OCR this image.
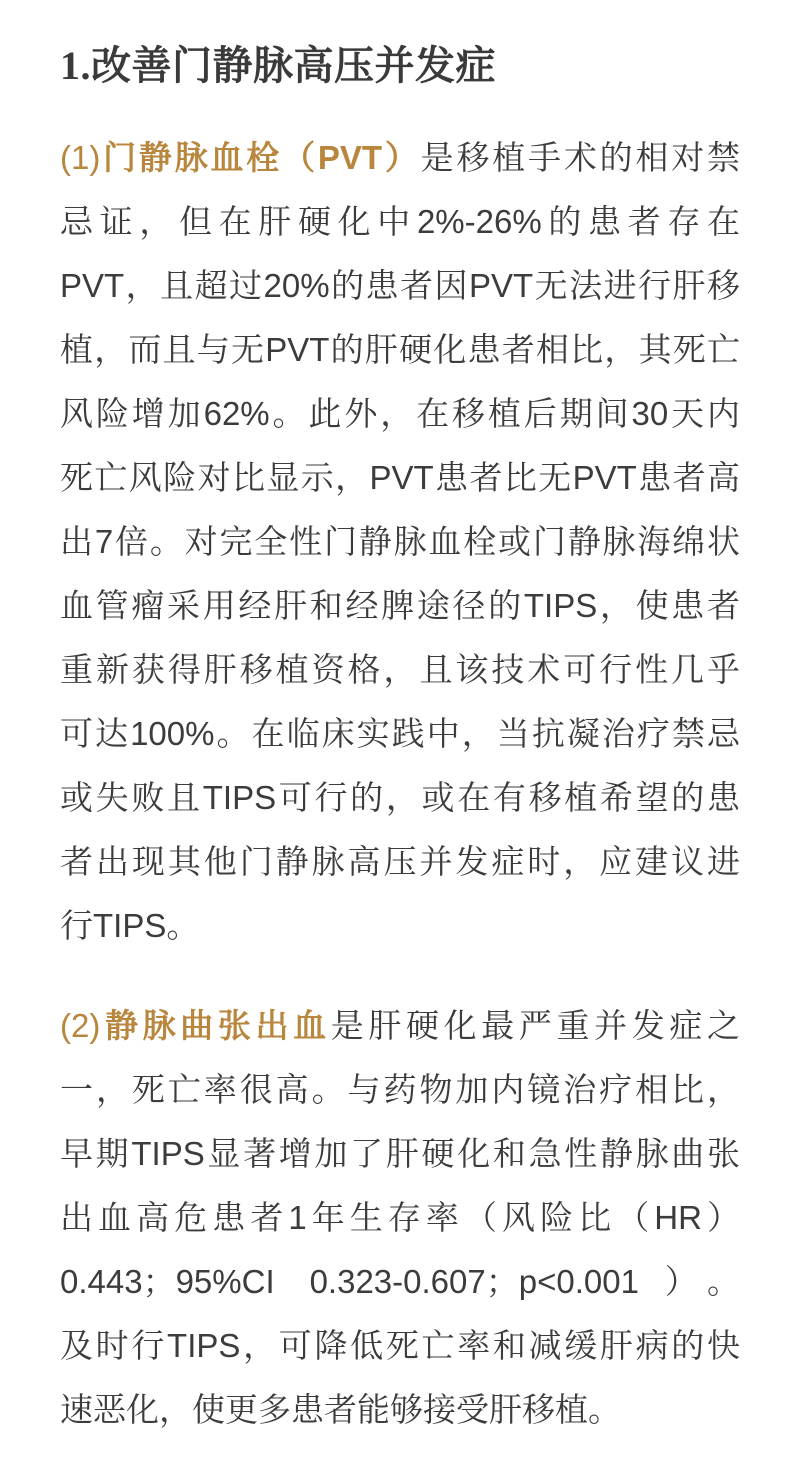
1.改善门静脉高压并发症
(1)门静脉血栓（PVT）是移植手术的相对禁
忌证，但在肝硬化中2%-26%的患者存在
PVT，且超过20%的患者因PVT无法进行肝移
植，而且与无PVT的肝硬化患者相比，其死亡
风险增加62%。此外，在移植后期间30天内
死亡风险对比显示，PVT患者比无PVT患者高
出7倍。对完全性门静脉血栓或门静脉海绵状
血管瘤采用经肝和经脾途径的TIPS，使患者
重新获得肝移植资格，且该技术可行性几乎
可达100%。在临床实践中，当抗凝治疗禁忌
或失败且TIPS可行的，或在有移植希望的患
者出现其他门静脉高压并发症时，应建议进
行TIPS。
(2)静脉曲张出血是肝硬化最严重并发症之
一，死亡率很高。与药物加内镜治疗相比，
早期TIPS显著增加了肝硬化和急性静脉曲张
出血高危患者1年生存率（风险比（HR）
0.443；95%CI 0.323-0.607；p<0.001）。
及时行TIPS，可降低死亡率和减缓肝病的快
速恶化，使更多患者能够接受肝移植。
